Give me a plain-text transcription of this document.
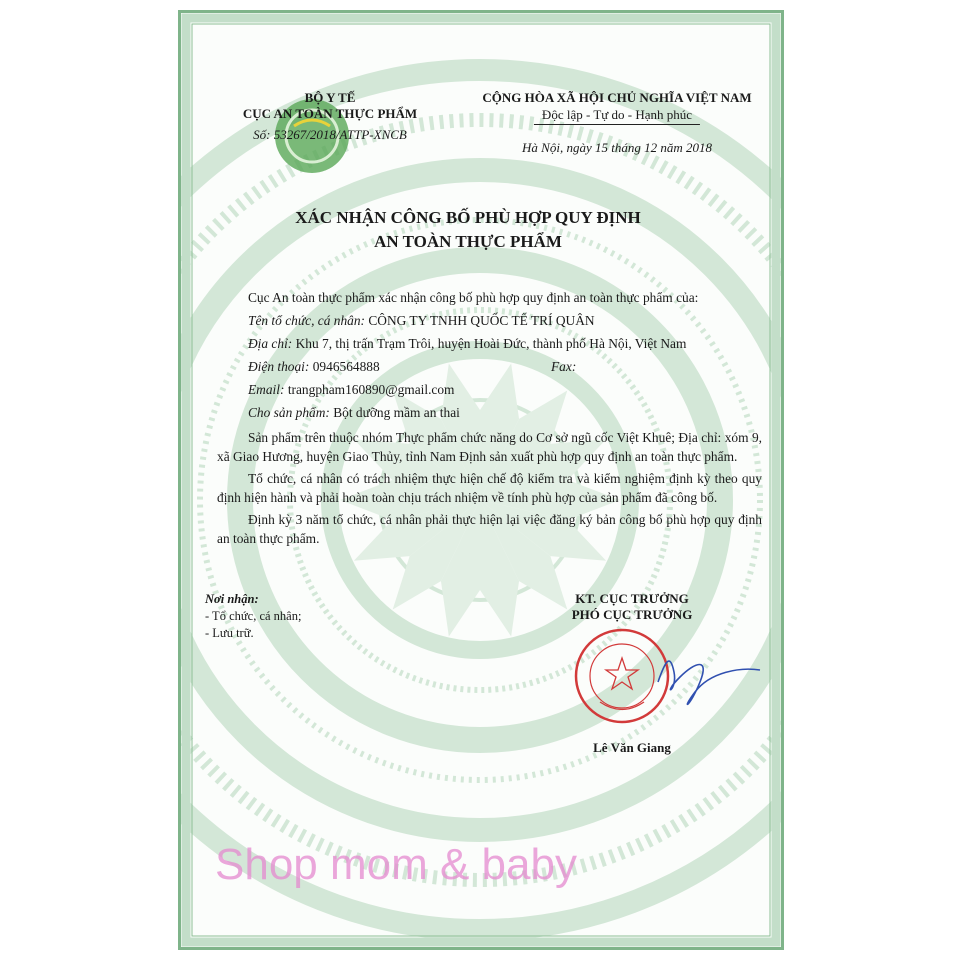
BỘ Y TẾ
CỤC AN TOÀN THỰC PHẨM
Số: 53267/2018/ATTP-XNCB
CỘNG HÒA XÃ HỘI CHỦ NGHĨA VIỆT NAM
Độc lập - Tự do - Hạnh phúc
Hà Nội, ngày 15 tháng 12 năm 2018
XÁC NHẬN CÔNG BỐ PHÙ HỢP QUY ĐỊNH
AN TOÀN THỰC PHẨM
Cục An toàn thực phẩm xác nhận công bố phù hợp quy định an toàn thực phẩm của:
Tên tổ chức, cá nhân: CÔNG TY TNHH QUỐC TẾ TRÍ QUÂN
Địa chỉ: Khu 7, thị trấn Trạm Trôi, huyện Hoài Đức, thành phố Hà Nội, Việt Nam
Điện thoại: 0946564888	Fax:
Email: trangpham160890@gmail.com
Cho sản phẩm: Bột dưỡng mầm an thai

Sản phẩm trên thuộc nhóm Thực phẩm chức năng do Cơ sở ngũ cốc Việt Khuê; Địa chỉ: xóm 9, xã Giao Hương, huyện Giao Thủy, tỉnh Nam Định sản xuất phù hợp quy định an toàn thực phẩm.

Tổ chức, cá nhân có trách nhiệm thực hiện chế độ kiểm tra và kiểm nghiệm định kỳ theo quy định hiện hành và phải hoàn toàn chịu trách nhiệm về tính phù hợp của sản phẩm đã công bố.

Định kỳ 3 năm tổ chức, cá nhân phải thực hiện lại việc đăng ký bản công bố phù hợp quy định an toàn thực phẩm.

Nơi nhận:
- Tổ chức, cá nhân;
- Lưu trữ.
KT. CỤC TRƯỞNG
PHÓ CỤC TRƯỞNG
Lê Văn Giang
Shop mom & baby
